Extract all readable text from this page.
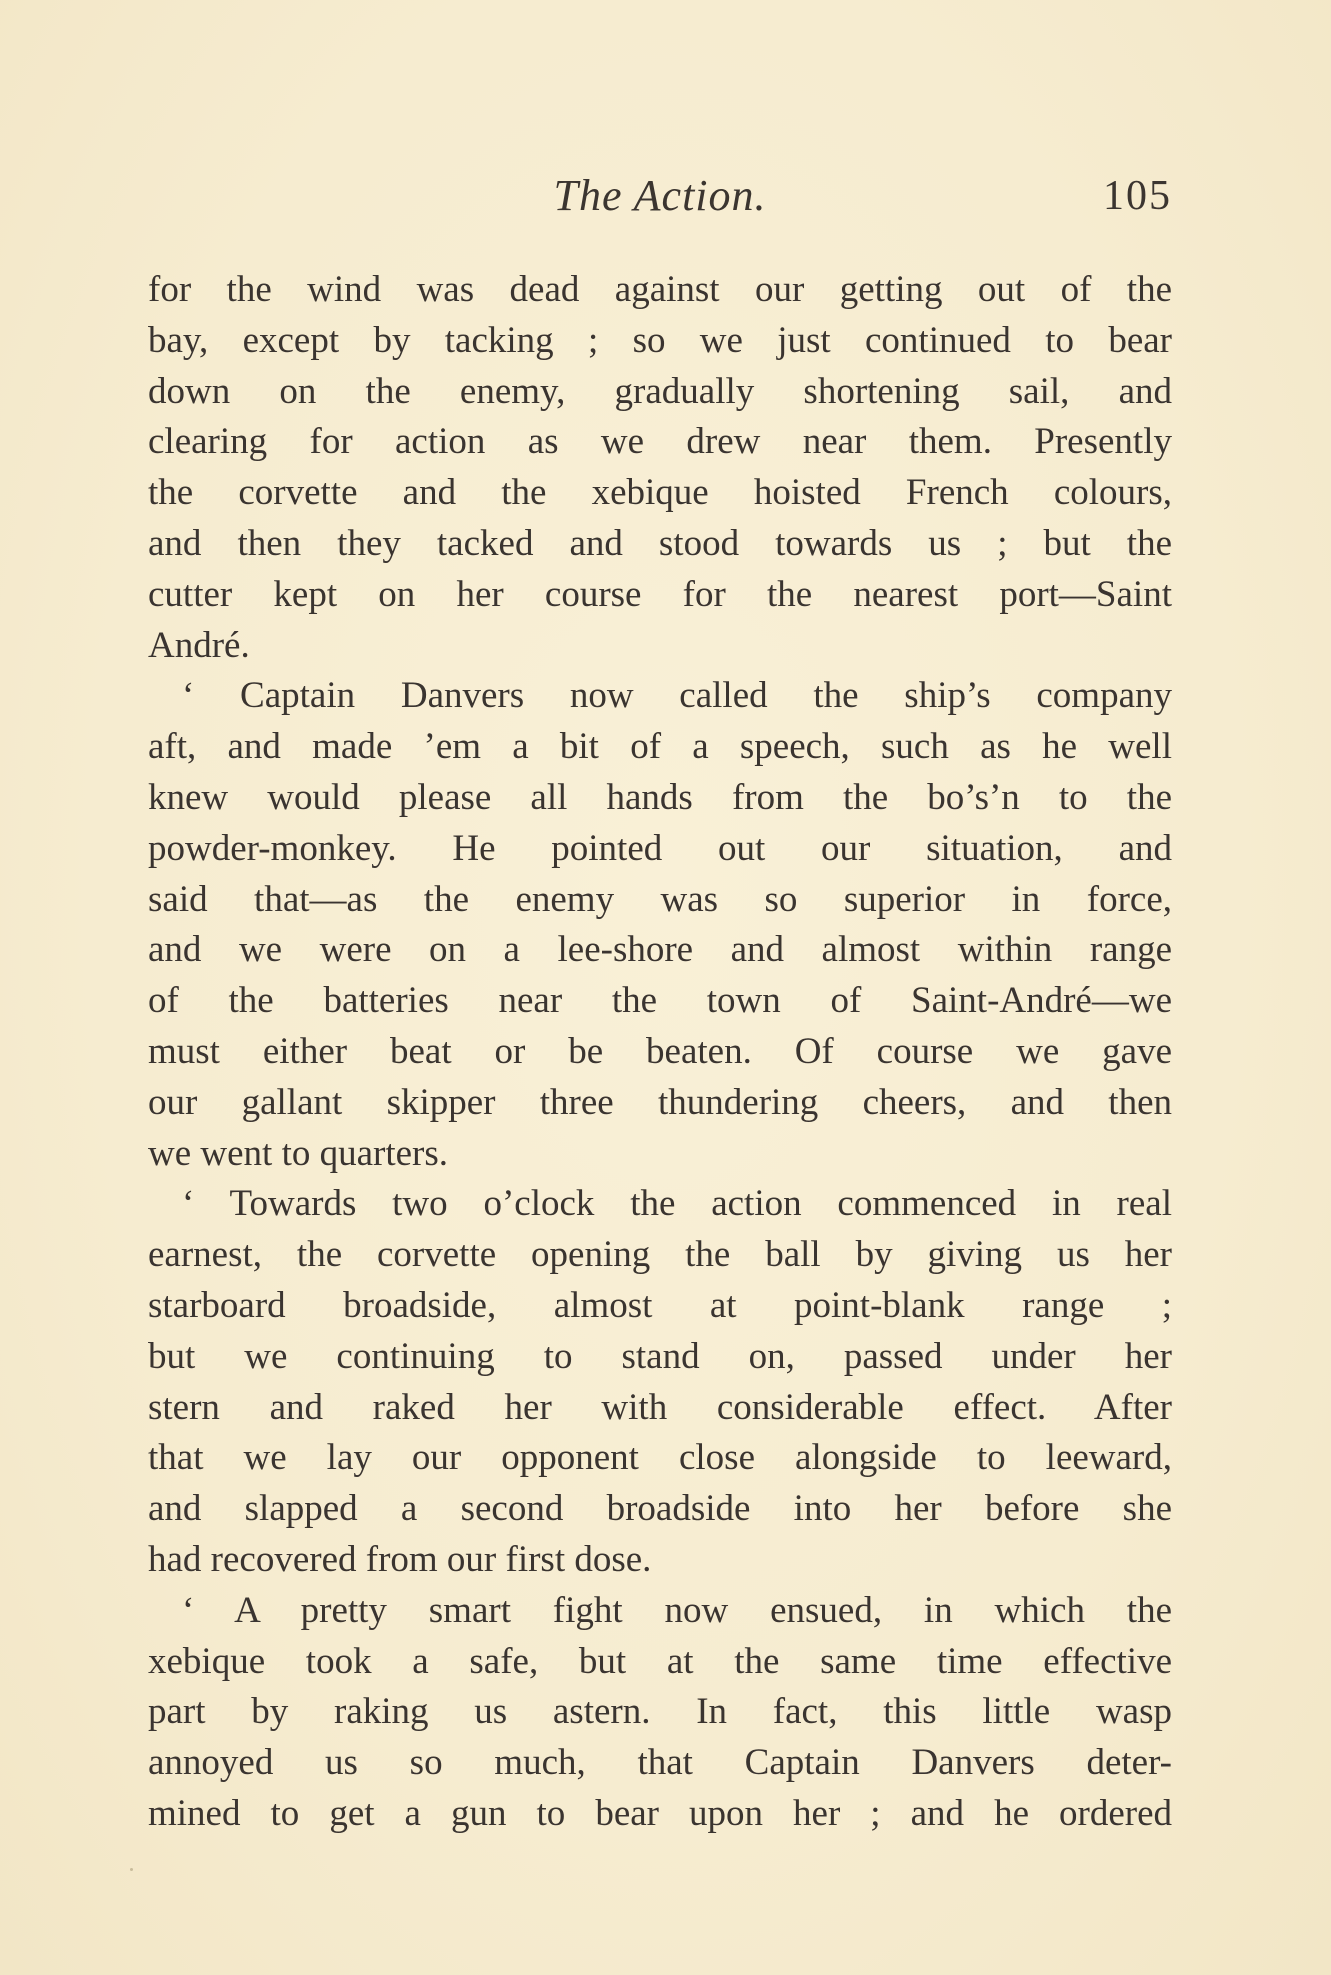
The Action.	105
for the wind was dead against our getting out of the
bay, except by tacking ; so we just continued to bear
down on the enemy, gradually shortening sail, and
clearing for action as we drew near them. Presently
the corvette and the xebique hoisted French colours,
and then they tacked and stood towards us ; but the
cutter kept on her course for the nearest port—Saint
André.
‘ Captain Danvers now called the ship’s company
aft, and made ’em a bit of a speech, such as he well
knew would please all hands from the bo’s’n to the
powder-monkey. He pointed out our situation, and
said that—as the enemy was so superior in force,
and we were on a lee-shore and almost within range
of the batteries near the town of Saint-André—we
must either beat or be beaten. Of course we gave
our gallant skipper three thundering cheers, and then
we went to quarters.
‘ Towards two o’clock the action commenced in real
earnest, the corvette opening the ball by giving us her
starboard broadside, almost at point-blank range ;
but we continuing to stand on, passed under her
stern and raked her with considerable effect. After
that we lay our opponent close alongside to leeward,
and slapped a second broadside into her before she
had recovered from our first dose.
‘ A pretty smart fight now ensued, in which the
xebique took a safe, but at the same time effective
part by raking us astern. In fact, this little wasp
annoyed us so much, that Captain Danvers deter-
mined to get a gun to bear upon her ; and he ordered
